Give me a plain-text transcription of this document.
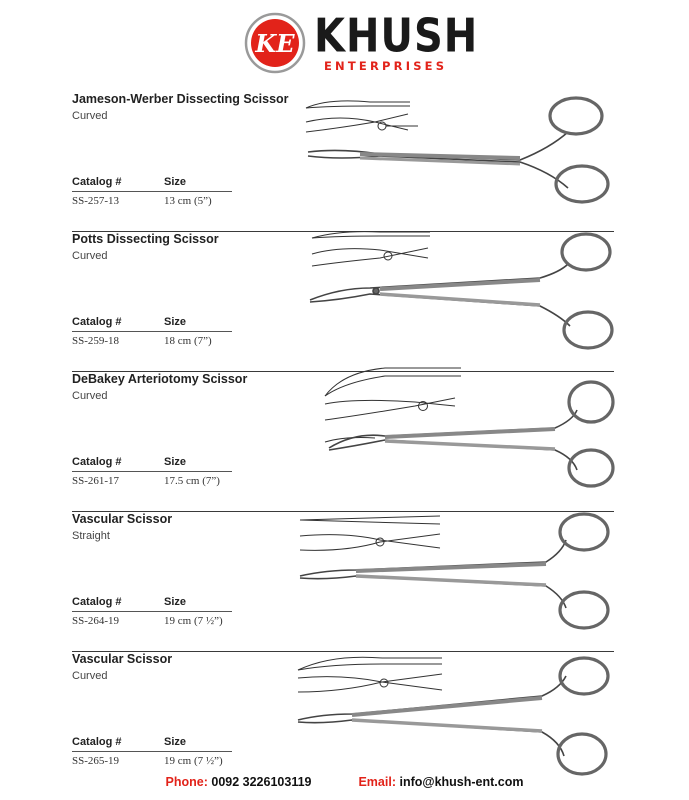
KE KHUSH
ENTERPRISES
Jameson-Werber Dissecting Scissor
Curved
Catalog #	Size
SS-257-13	13 cm (5”)
Potts Dissecting Scissor
Curved
Catalog #	Size
SS-259-18	18 cm (7”)
DeBakey Arteriotomy Scissor
Curved
Catalog #	Size
SS-261-17	17.5 cm (7”)
Vascular Scissor
Straight
Catalog #	Size
SS-264-19	19 cm (7 ½”)
Vascular Scissor
Curved
Catalog #	Size
SS-265-19	19 cm (7 ½”)
Phone: 0092 3226103119	Email: info@khush-ent.com
